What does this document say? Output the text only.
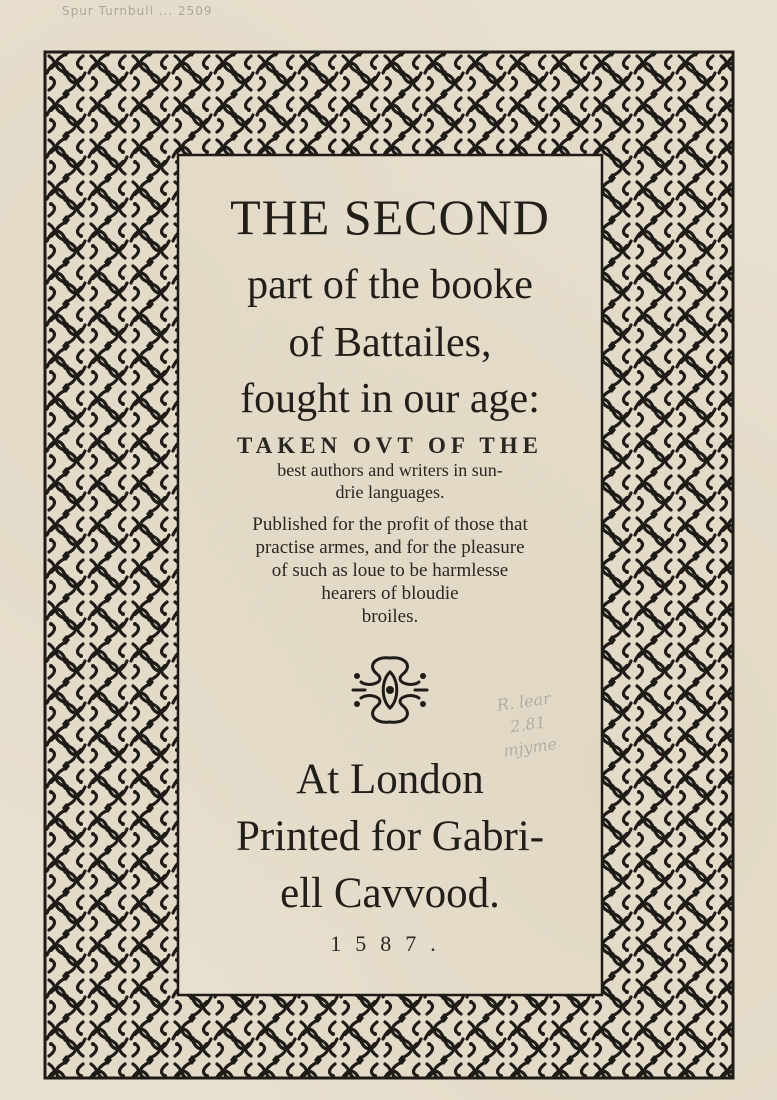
Spur Turnbull ... 2509
R. lear
2.81
mjyme

THE SECOND

part of the booke

of Battailes,

fought in our age:

TAKEN OVT OF THE

best authors and writers in sun-

drie languages.

Published for the profit of those that

practise armes, and for the pleasure

of such as loue to be harmlesse

hearers of bloudie

broiles.

At London

Printed for Gabri-

ell Cavvood.

1587.
